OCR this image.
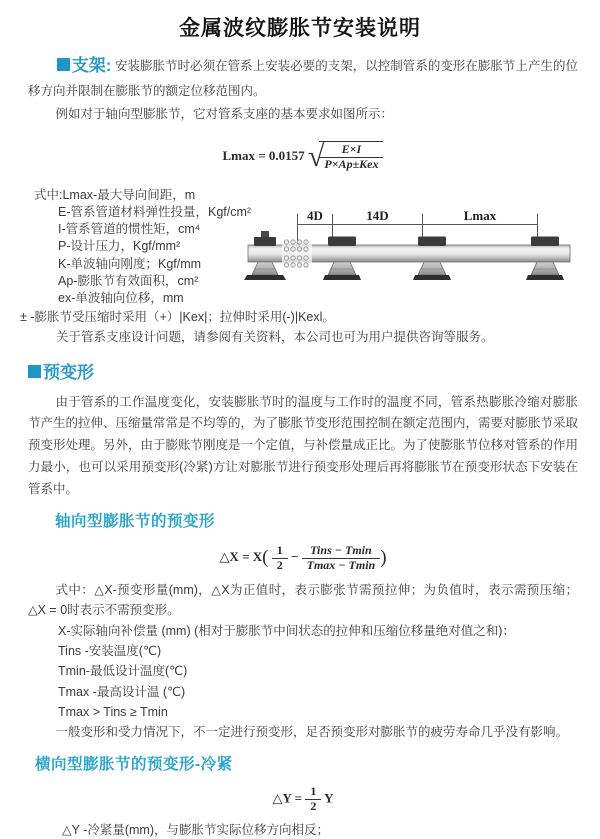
金属波纹膨胀节安装说明

支架: 安装膨胀节时必须在管系上安装必要的支架，以控制管系的变形在膨胀节上产生的位移方向并限制在膨胀节的额定位移范围内。

例如对于轴向型膨胀节，它对管系支座的基本要求如图所示：

Lmax = 0.0157 √
$\frac{E\times I}{\text{P×Ap±Kex}}$
式中:Lmax-最大导向间距，m
E-管系管道材料弹性投量，Kgf/cm²
I-管系管道的惯性矩，cm⁴
P-设计压力，Kgf/mm²
K-单波轴向刚度；Kgf/mm
Ap-膨胀节有效面积，cm²
ex-单波轴向位移，mm
± -膨胀节受压缩时采用（+）|Kex|；拉伸时采用(-)|Kexl。
关于管系支座设计问题，请参阅有关资料，本公司也可为用户提供咨询等服务。
预变形

由于管系的工作温度变化，安装膨胀节时的温度与工作时的温度不同，管系热膨胀冷缩对膨胀节产生的拉伸、压缩量常常是不均等的，为了膨胀节变形范围控制在额定范围内，需要对膨胀节采取预变形处理。另外，由于膨账节刚度是一个定值，与补偿量成正比。为了使膨胀节位移对管系的作用力最小，也可以采用预变形(冷紧)方让对膨胀节进行预变形处理后再将膨胀节在预变形状态下安装在管系中。

轴向型膨胀节的预变形
△X = $X( \frac{1}{2} - \frac{\text{Tins − Tmin}}{Tmax - Tmin}$ )

式中：△X-预变形量(mm)，△X为正值时，表示膨张节需预拉伸；为负值时，表示需预压缩；△X = 0时表示不需预变形。

X-实际轴向补偿量 (mm) (相对于膨胀节中间状态的拉伸和压缩位移量绝对值之和)：
Tins -安装温度(℃)
Tmin-最低设计温度(℃)
Tmax -最高设计温 (℃)
Tmax > Tins ≥ Tmin

一般变形和受力情况下，不一定进行预变形，足否预变形对膨胀节的疲劳寿命几乎没有影响。

横向型膨胀节的预变形-冷紧
△Y = $\frac{1}{2}$ Y
△Y -冷紧量(mm)，与膨胀节实际位移方向相反；
4D	14D	Lmax
